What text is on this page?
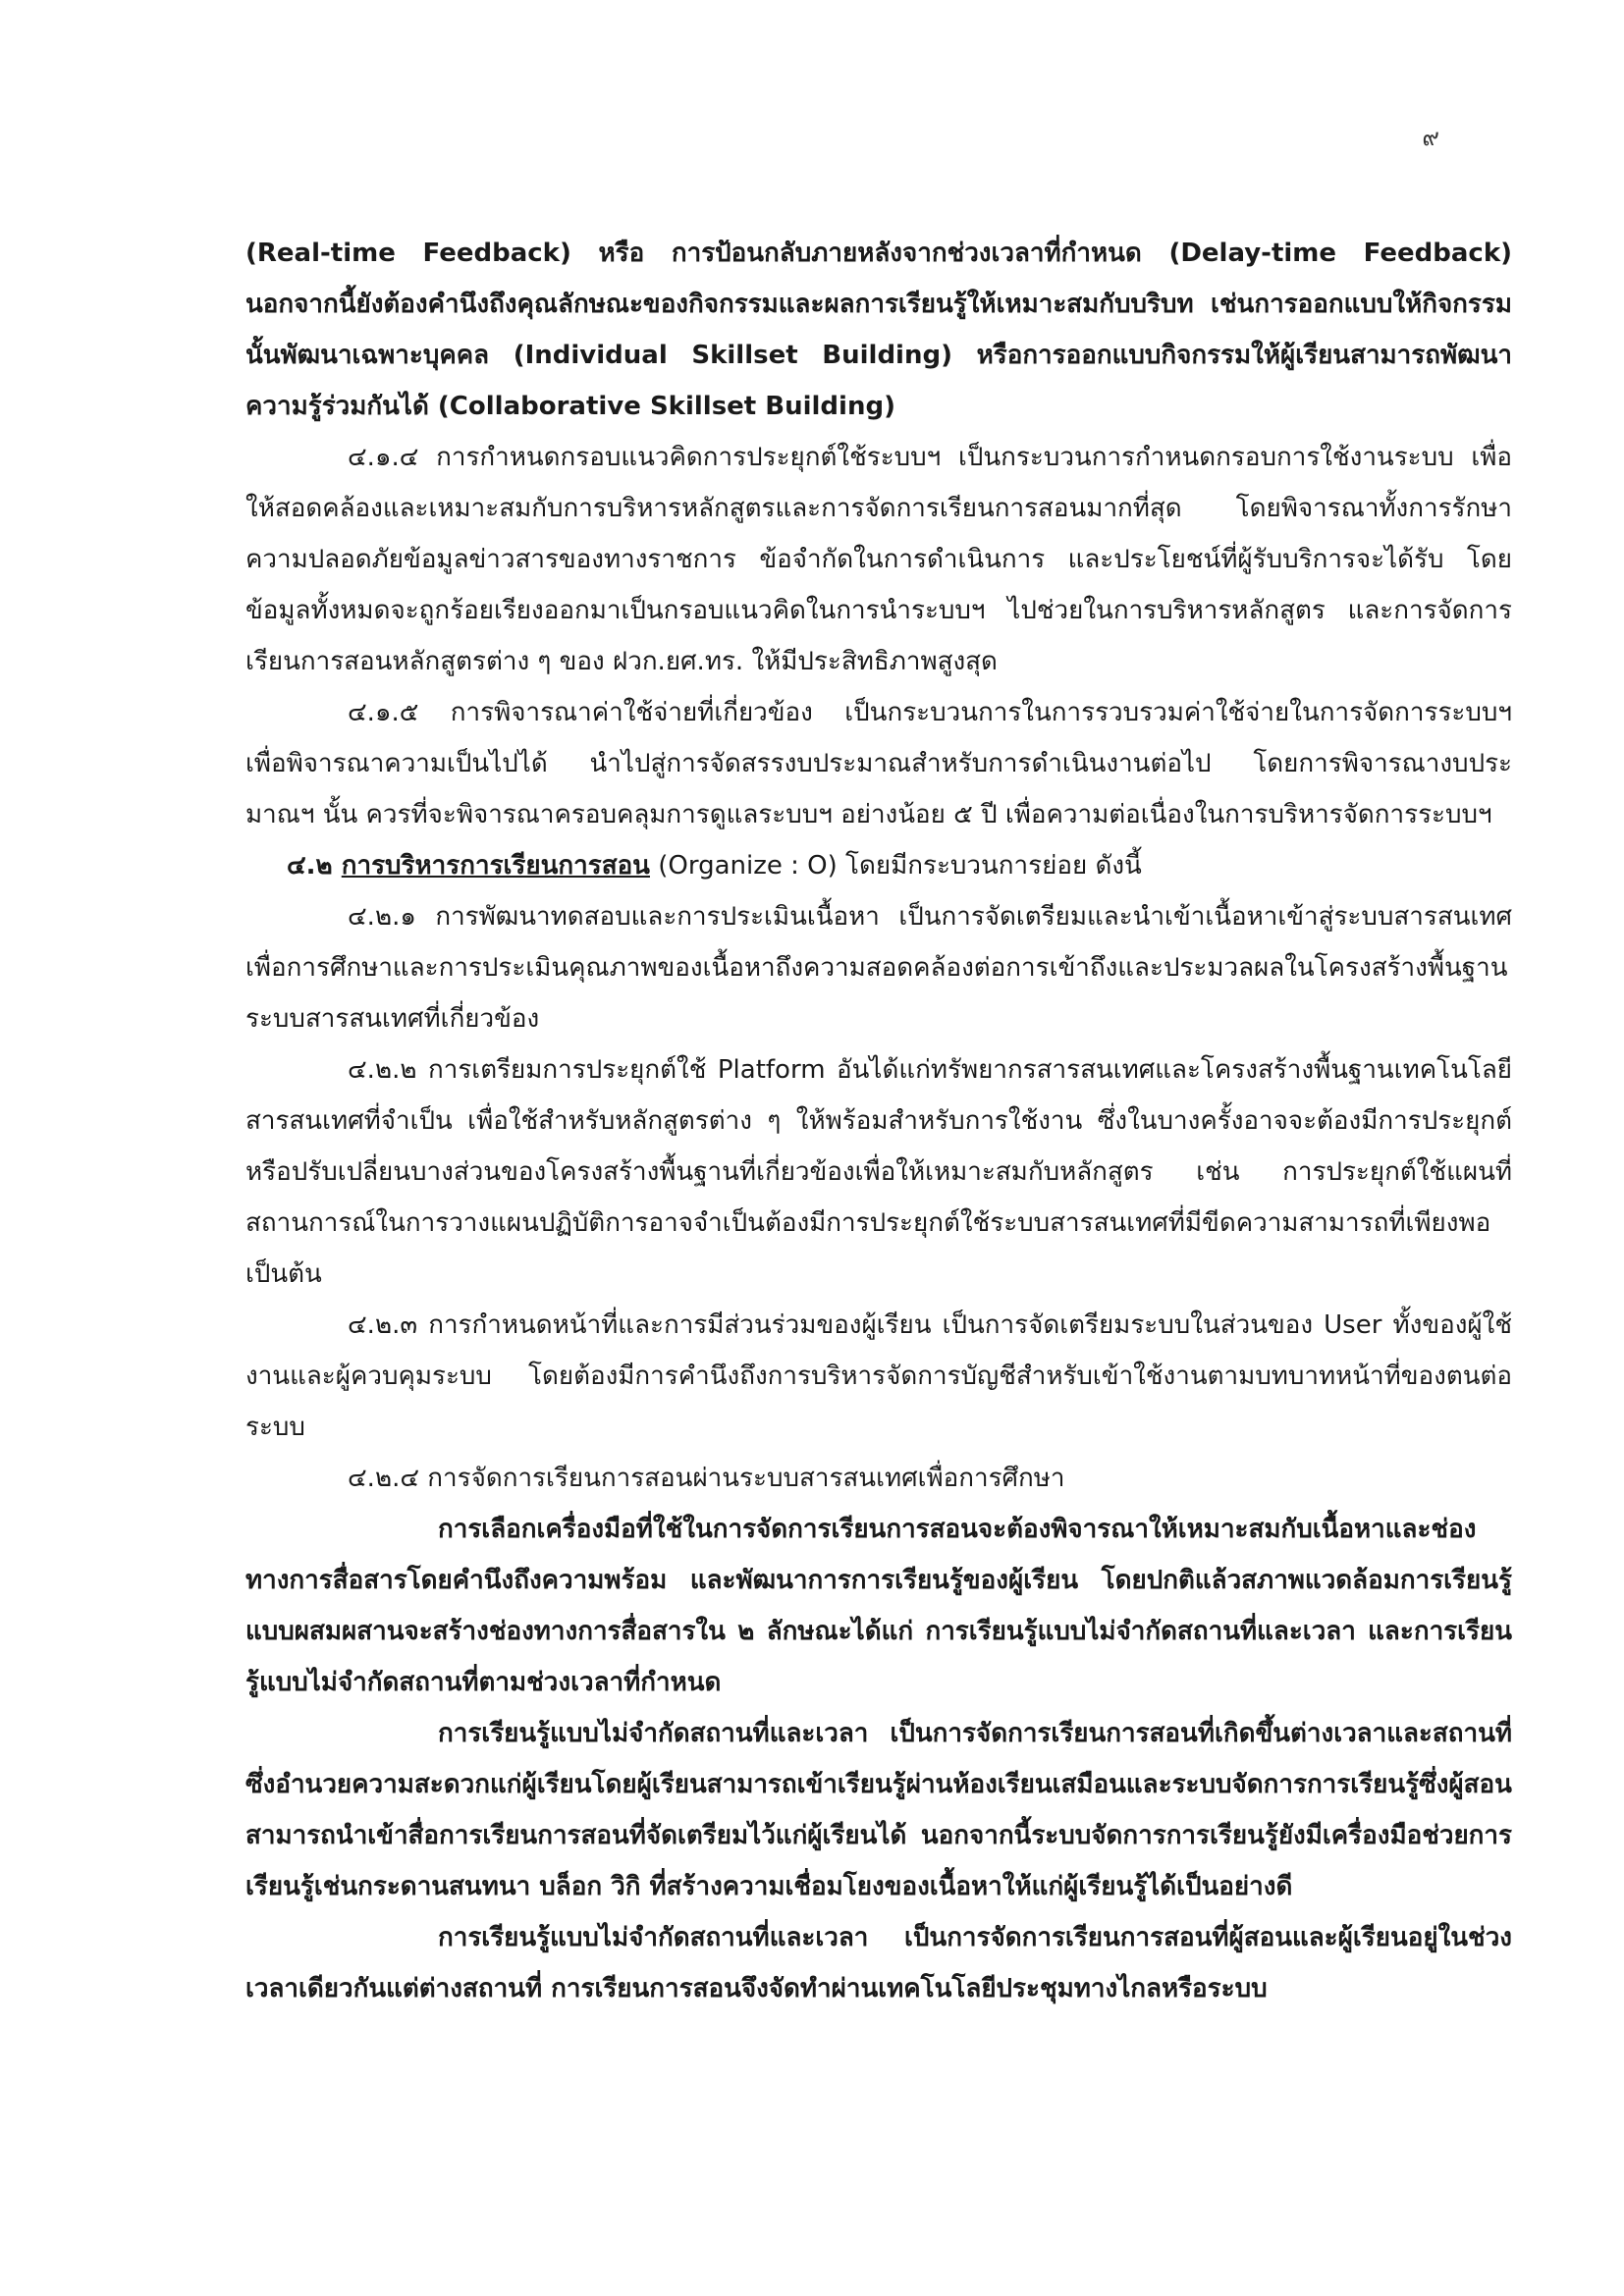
๙

(Real-time Feedback) หรือ การป้อนกลับภายหลังจากช่วงเวลาที่กำหนด (Delay-time Feedback) นอกจากนี้ยังต้องคำนึงถึงคุณลักษณะของกิจกรรมและผลการเรียนรู้ให้เหมาะสมกับบริบท เช่นการออกแบบให้กิจกรรมนั้นพัฒนาเฉพาะบุคคล (Individual Skillset Building) หรือการออกแบบกิจกรรมให้ผู้เรียนสามารถพัฒนาความรู้ร่วมกันได้ (Collaborative Skillset Building)

๔.๑.๔ การกำหนดกรอบแนวคิดการประยุกต์ใช้ระบบฯ เป็นกระบวนการกำหนดกรอบการใช้งานระบบ เพื่อให้สอดคล้องและเหมาะสมกับการบริหารหลักสูตรและการจัดการเรียนการสอนมากที่สุด โดยพิจารณาทั้งการรักษาความปลอดภัยข้อมูลข่าวสารของทางราชการ ข้อจำกัดในการดำเนินการ และประโยชน์ที่ผู้รับบริการจะได้รับ โดยข้อมูลทั้งหมดจะถูกร้อยเรียงออกมาเป็นกรอบแนวคิดในการนำระบบฯ ไปช่วยในการบริหารหลักสูตร และการจัดการเรียนการสอนหลักสูตรต่าง ๆ ของ ฝวก.ยศ.ทร. ให้มีประสิทธิภาพสูงสุด

๔.๑.๕ การพิจารณาค่าใช้จ่ายที่เกี่ยวข้อง เป็นกระบวนการในการรวบรวมค่าใช้จ่ายในการจัดการระบบฯ เพื่อพิจารณาความเป็นไปได้ นำไปสู่การจัดสรรงบประมาณสำหรับการดำเนินงานต่อไป โดยการพิจารณางบประมาณฯ นั้น ควรที่จะพิจารณาครอบคลุมการดูแลระบบฯ อย่างน้อย ๕ ปี เพื่อความต่อเนื่องในการบริหารจัดการระบบฯ

๔.๒ การบริหารการเรียนการสอน (Organize : O) โดยมีกระบวนการย่อย ดังนี้

๔.๒.๑ การพัฒนาทดสอบและการประเมินเนื้อหา เป็นการจัดเตรียมและนำเข้าเนื้อหาเข้าสู่ระบบสารสนเทศเพื่อการศึกษาและการประเมินคุณภาพของเนื้อหาถึงความสอดคล้องต่อการเข้าถึงและประมวลผลในโครงสร้างพื้นฐานระบบสารสนเทศที่เกี่ยวข้อง

๔.๒.๒ การเตรียมการประยุกต์ใช้ Platform อันได้แก่ทรัพยากรสารสนเทศและโครงสร้างพื้นฐานเทคโนโลยีสารสนเทศที่จำเป็น เพื่อใช้สำหรับหลักสูตรต่าง ๆ ให้พร้อมสำหรับการใช้งาน ซึ่งในบางครั้งอาจจะต้องมีการประยุกต์หรือปรับเปลี่ยนบางส่วนของโครงสร้างพื้นฐานที่เกี่ยวข้องเพื่อให้เหมาะสมกับหลักสูตร เช่น การประยุกต์ใช้แผนที่สถานการณ์ในการวางแผนปฏิบัติการอาจจำเป็นต้องมีการประยุกต์ใช้ระบบสารสนเทศที่มีขีดความสามารถที่เพียงพอ เป็นต้น

๔.๒.๓ การกำหนดหน้าที่และการมีส่วนร่วมของผู้เรียน เป็นการจัดเตรียมระบบในส่วนของ User ทั้งของผู้ใช้งานและผู้ควบคุมระบบ โดยต้องมีการคำนึงถึงการบริหารจัดการบัญชีสำหรับเข้าใช้งานตามบทบาทหน้าที่ของตนต่อระบบ

๔.๒.๔ การจัดการเรียนการสอนผ่านระบบสารสนเทศเพื่อการศึกษา

การเลือกเครื่องมือที่ใช้ในการจัดการเรียนการสอนจะต้องพิจารณาให้เหมาะสมกับเนื้อหาและช่องทางการสื่อสารโดยคำนึงถึงความพร้อม และพัฒนาการการเรียนรู้ของผู้เรียน โดยปกติแล้วสภาพแวดล้อมการเรียนรู้แบบผสมผสานจะสร้างช่องทางการสื่อสารใน ๒ ลักษณะได้แก่ การเรียนรู้แบบไม่จำกัดสถานที่และเวลา และการเรียนรู้แบบไม่จำกัดสถานที่ตามช่วงเวลาที่กำหนด

การเรียนรู้แบบไม่จำกัดสถานที่และเวลา เป็นการจัดการเรียนการสอนที่เกิดขึ้นต่างเวลาและสถานที่ซึ่งอำนวยความสะดวกแก่ผู้เรียนโดยผู้เรียนสามารถเข้าเรียนรู้ผ่านห้องเรียนเสมือนและระบบจัดการการเรียนรู้ซึ่งผู้สอนสามารถนำเข้าสื่อการเรียนการสอนที่จัดเตรียมไว้แก่ผู้เรียนได้ นอกจากนี้ระบบจัดการการเรียนรู้ยังมีเครื่องมือช่วยการเรียนรู้เช่นกระดานสนทนา บล็อก วิกิ ที่สร้างความเชื่อมโยงของเนื้อหาให้แก่ผู้เรียนรู้ได้เป็นอย่างดี

การเรียนรู้แบบไม่จำกัดสถานที่และเวลา เป็นการจัดการเรียนการสอนที่ผู้สอนและผู้เรียนอยู่ในช่วงเวลาเดียวกันแต่ต่างสถานที่ การเรียนการสอนจึงจัดทำผ่านเทคโนโลยีประชุมทางไกลหรือระบบ
